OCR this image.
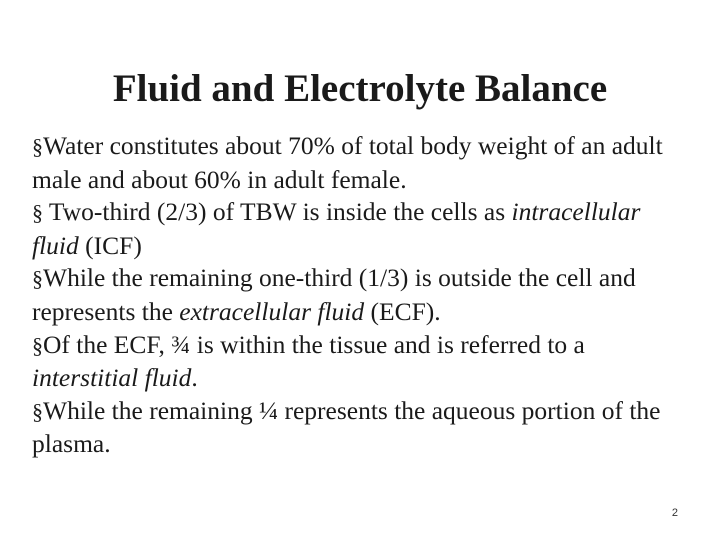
Fluid and Electrolyte Balance
§Water constitutes about 70% of total body weight of an adult male and about 60% in adult female.
§ Two-third (2/3) of TBW is inside the cells as intracellular fluid (ICF)
§While the remaining one-third (1/3) is outside the cell and represents the extracellular fluid (ECF).
§Of the ECF, ¾ is within the tissue and is referred to a interstitial fluid.
§While the remaining ¼ represents the aqueous portion of the plasma.
2
